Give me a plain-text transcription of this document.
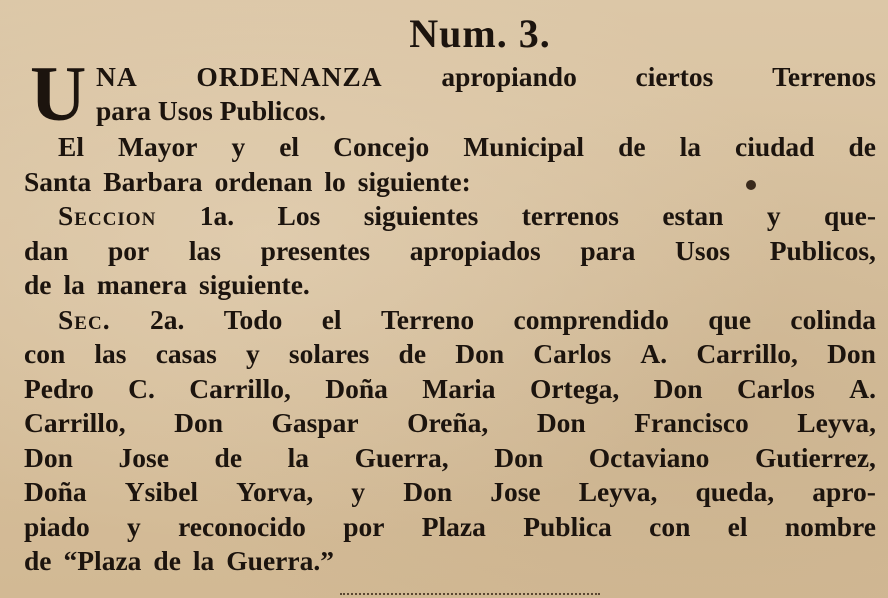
Num. 3.
U NA ORDENANZA apropiando ciertos Terrenos
para Usos Publicos.
El Mayor y el Concejo Municipal de la ciudad de
Santa Barbara ordenan lo siguiente:
Seccion 1a. Los siguientes terrenos estan y que-
dan por las presentes apropiados para Usos Publicos,
de la manera siguiente.
Sec. 2a. Todo el Terreno comprendido que colinda
con las casas y solares de Don Carlos A. Carrillo, Don
Pedro C. Carrillo, Doña Maria Ortega, Don Carlos A.
Carrillo, Don Gaspar Oreña, Don Francisco Leyva,
Don Jose de la Guerra, Don Octaviano Gutierrez,
Doña Ysibel Yorva, y Don Jose Leyva, queda, apro-
piado y reconocido por Plaza Publica con el nombre
de “Plaza de la Guerra.”
